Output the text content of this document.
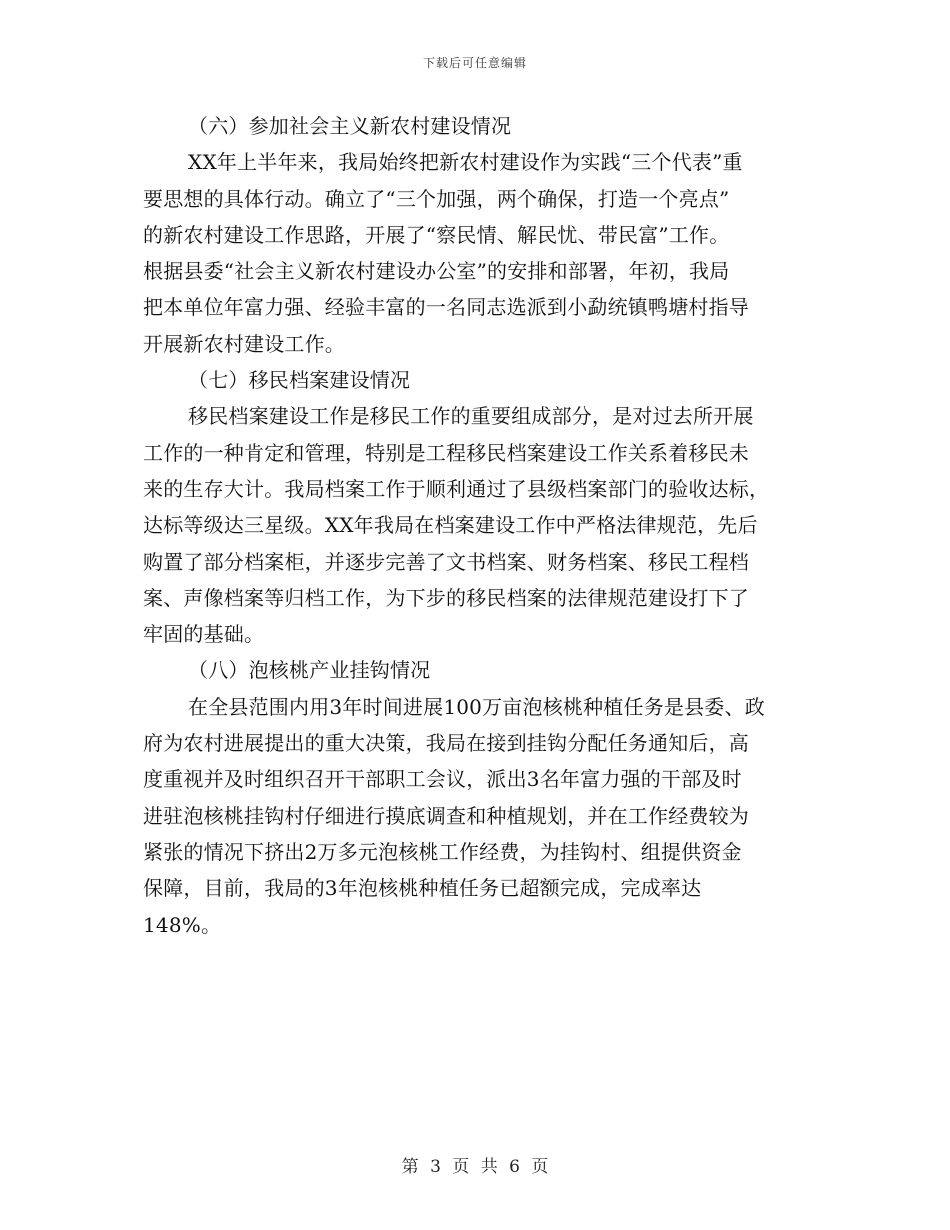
下载后可任意编辑
（六）参加社会主义新农村建设情况
XX年上半年来，我局始终把新农村建设作为实践“三个代表”重
要思想的具体行动。确立了“三个加强，两个确保，打造一个亮点”
的新农村建设工作思路，开展了“察民情、解民忧、带民富”工作。
根据县委“社会主义新农村建设办公室”的安排和部署，年初，我局
把本单位年富力强、经验丰富的一名同志选派到小勐统镇鸭塘村指导
开展新农村建设工作。
（七）移民档案建设情况
移民档案建设工作是移民工作的重要组成部分，是对过去所开展
工作的一种肯定和管理，特别是工程移民档案建设工作关系着移民未
来的生存大计。我局档案工作于顺利通过了县级档案部门的验收达标，
达标等级达三星级。XX年我局在档案建设工作中严格法律规范，先后
购置了部分档案柜，并逐步完善了文书档案、财务档案、移民工程档
案、声像档案等归档工作，为下步的移民档案的法律规范建设打下了
牢固的基础。
（八）泡核桃产业挂钩情况
在全县范围内用3年时间进展100万亩泡核桃种植任务是县委、政
府为农村进展提出的重大决策，我局在接到挂钩分配任务通知后，高
度重视并及时组织召开干部职工会议，派出3名年富力强的干部及时
进驻泡核桃挂钩村仔细进行摸底调查和种植规划，并在工作经费较为
紧张的情况下挤出2万多元泡核桃工作经费，为挂钩村、组提供资金
保障，目前，我局的3年泡核桃种植任务已超额完成，完成率达
148%。
第 3 页 共 6 页
